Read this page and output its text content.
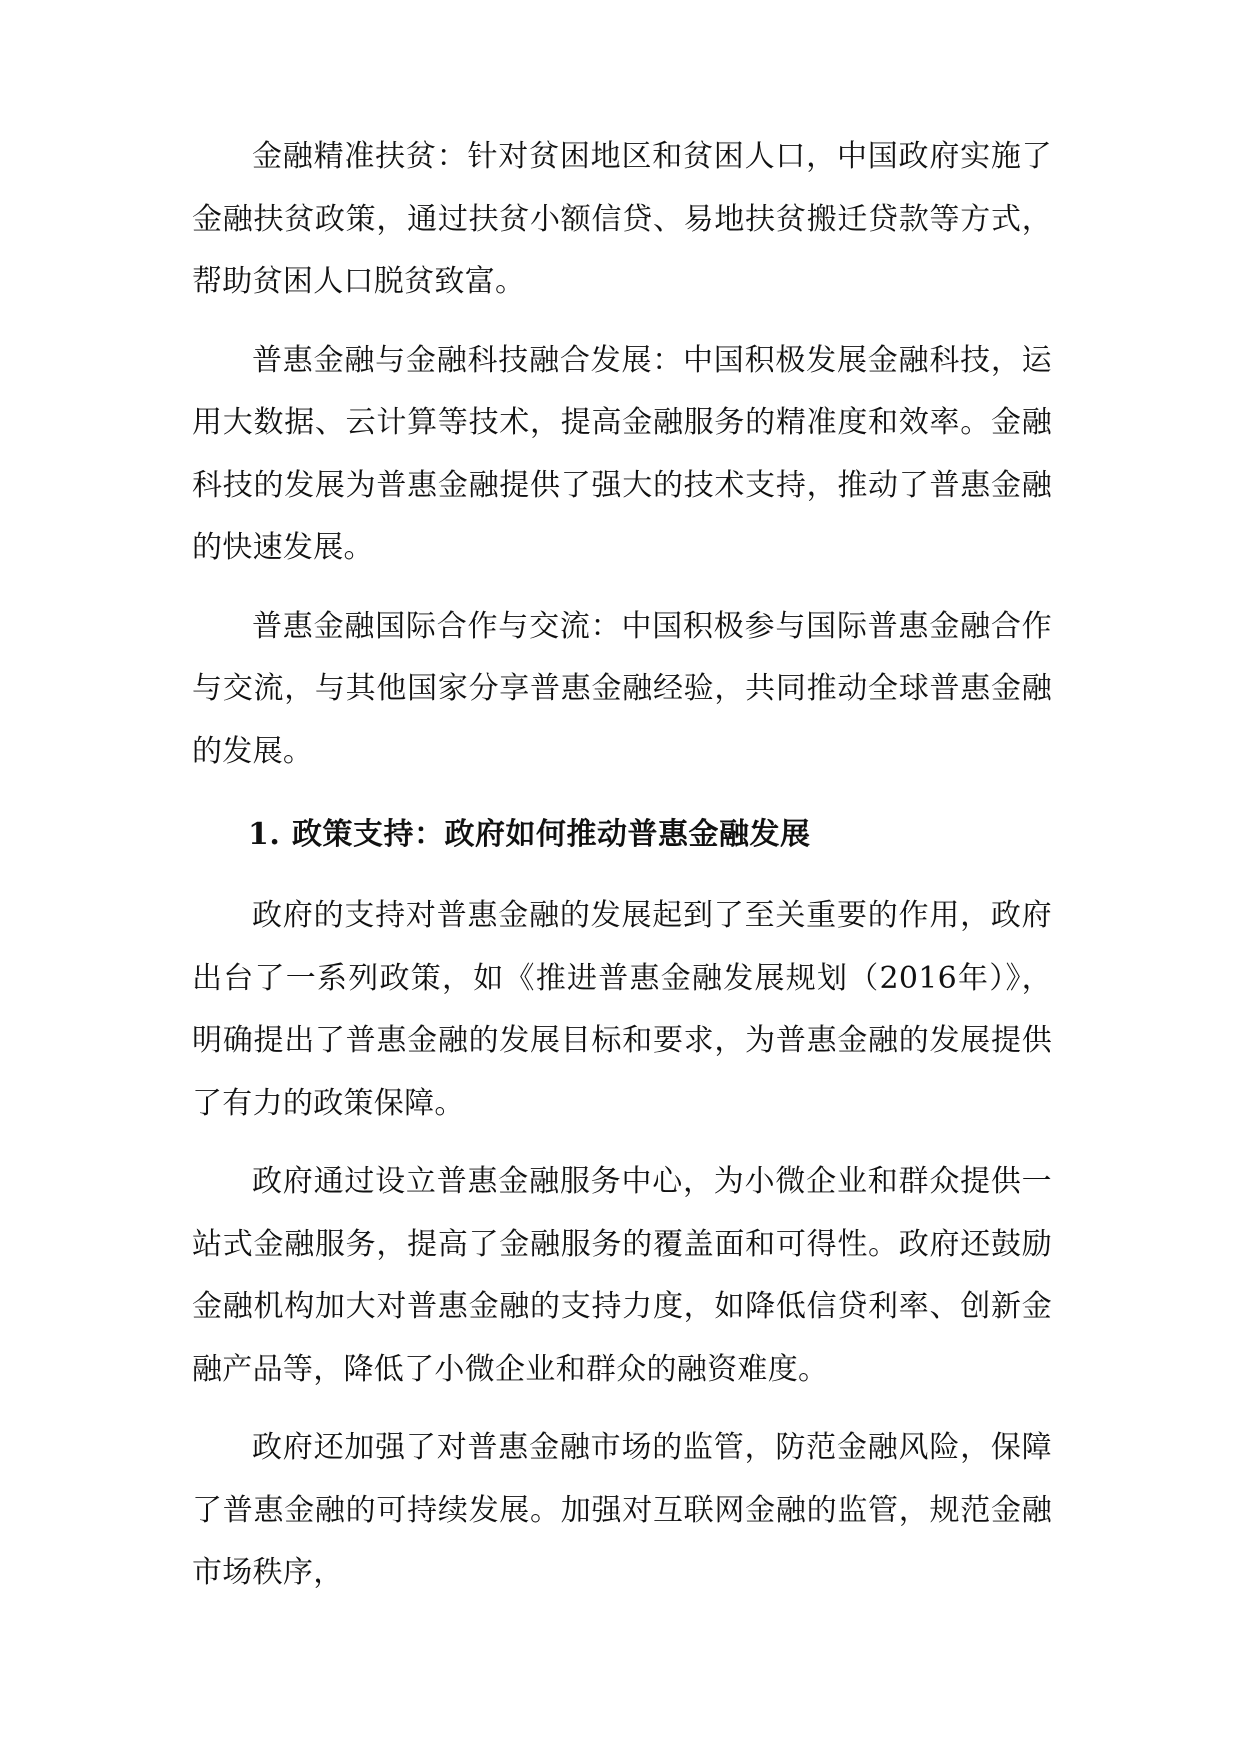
金融精准扶贫：针对贫困地区和贫困人口，中国政府实施了金融扶贫政策，通过扶贫小额信贷、易地扶贫搬迁贷款等方式，帮助贫困人口脱贫致富。

普惠金融与金融科技融合发展：中国积极发展金融科技，运用大数据、云计算等技术，提高金融服务的精准度和效率。金融科技的发展为普惠金融提供了强大的技术支持，推动了普惠金融的快速发展。

普惠金融国际合作与交流：中国积极参与国际普惠金融合作与交流，与其他国家分享普惠金融经验，共同推动全球普惠金融的发展。

1. 政策支持：政府如何推动普惠金融发展

政府的支持对普惠金融的发展起到了至关重要的作用，政府出台了一系列政策，如《推进普惠金融发展规划（2016年）》，明确提出了普惠金融的发展目标和要求，为普惠金融的发展提供了有力的政策保障。

政府通过设立普惠金融服务中心，为小微企业和群众提供一站式金融服务，提高了金融服务的覆盖面和可得性。政府还鼓励金融机构加大对普惠金融的支持力度，如降低信贷利率、创新金融产品等，降低了小微企业和群众的融资难度。

政府还加强了对普惠金融市场的监管，防范金融风险，保障了普惠金融的可持续发展。加强对互联网金融的监管，规范金融市场秩序，
